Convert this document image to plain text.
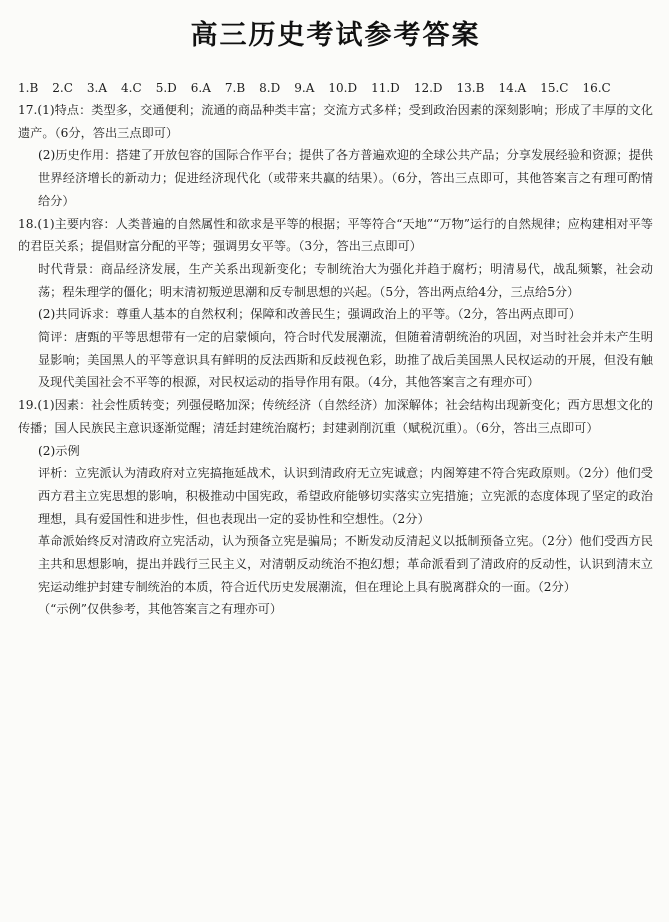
高三历史考试参考答案
1.B 2.C 3.A 4.C 5.D 6.A 7.B 8.D 9.A 10.D 11.D 12.D 13.B 14.A 15.C 16.C

17.(1)特点：类型多，交通便利；流通的商品种类丰富；交流方式多样；受到政治因素的深刻影响；形成了丰厚的文化遗产。（6分，答出三点即可）

(2)历史作用：搭建了开放包容的国际合作平台；提供了各方普遍欢迎的全球公共产品；分享发展经验和资源；提供世界经济增长的新动力；促进经济现代化（或带来共赢的结果）。（6分，答出三点即可，其他答案言之有理可酌情给分）

18.(1)主要内容：人类普遍的自然属性和欲求是平等的根据；平等符合“天地”“万物”运行的自然规律；应构建相对平等的君臣关系；提倡财富分配的平等；强调男女平等。（3分，答出三点即可）

时代背景：商品经济发展，生产关系出现新变化；专制统治大为强化并趋于腐朽；明清易代，战乱频繁，社会动荡；程朱理学的僵化；明末清初叛逆思潮和反专制思想的兴起。（5分，答出两点给4分，三点给5分）

(2)共同诉求：尊重人基本的自然权利；保障和改善民生；强调政治上的平等。（2分，答出两点即可）

简评：唐甄的平等思想带有一定的启蒙倾向，符合时代发展潮流，但随着清朝统治的巩固，对当时社会并未产生明显影响；美国黑人的平等意识具有鲜明的反法西斯和反歧视色彩，助推了战后美国黑人民权运动的开展，但没有触及现代美国社会不平等的根源，对民权运动的指导作用有限。（4分，其他答案言之有理亦可）

19.(1)因素：社会性质转变；列强侵略加深；传统经济（自然经济）加深解体；社会结构出现新变化；西方思想文化的传播；国人民族民主意识逐渐觉醒；清廷封建统治腐朽；封建剥削沉重（赋税沉重）。（6分，答出三点即可）

(2)示例

评析：立宪派认为清政府对立宪搞拖延战术，认识到清政府无立宪诚意；内阁筹建不符合宪政原则。（2分）他们受西方君主立宪思想的影响，积极推动中国宪政，希望政府能够切实落实立宪措施；立宪派的态度体现了坚定的政治理想，具有爱国性和进步性，但也表现出一定的妥协性和空想性。（2分）

革命派始终反对清政府立宪活动，认为预备立宪是骗局；不断发动反清起义以抵制预备立宪。（2分）他们受西方民主共和思想影响，提出并践行三民主义，对清朝反动统治不抱幻想；革命派看到了清政府的反动性，认识到清末立宪运动维护封建专制统治的本质，符合近代历史发展潮流，但在理论上具有脱离群众的一面。（2分）

（“示例”仅供参考，其他答案言之有理亦可）
